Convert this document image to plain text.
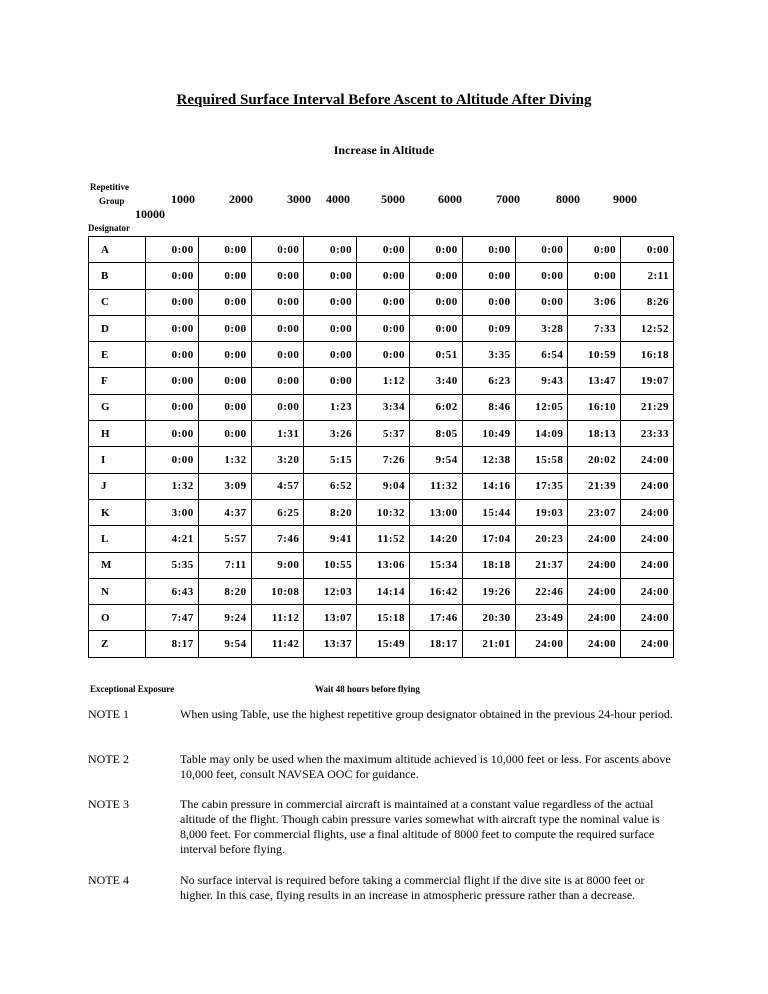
Required Surface Interval Before Ascent to Altitude After Diving
Increase in Altitude
Repetitive
Group
Designator
1000	2000	3000 4000	5000	6000	7000	8000	9000
10000
A	0:00	0:00	0:00	0:00	0:00	0:00	0:00	0:00	0:00	0:00
B	0:00	0:00	0:00	0:00	0:00	0:00	0:00	0:00	0:00	2:11
C	0:00	0:00	0:00	0:00	0:00	0:00	0:00	0:00	3:06	8:26
D	0:00	0:00	0:00	0:00	0:00	0:00	0:09	3:28	7:33	12:52
E	0:00	0:00	0:00	0:00	0:00	0:51	3:35	6:54	10:59	16:18
F	0:00	0:00	0:00	0:00	1:12	3:40	6:23	9:43	13:47	19:07
G	0:00	0:00	0:00	1:23	3:34	6:02	8:46	12:05	16:10	21:29
H	0:00	0:00	1:31	3:26	5:37	8:05	10:49	14:09	18:13	23:33
I	0:00	1:32	3:20	5:15	7:26	9:54	12:38	15:58	20:02	24:00
J	1:32	3:09	4:57	6:52	9:04	11:32	14:16	17:35	21:39	24:00
K	3:00	4:37	6:25	8:20	10:32	13:00	15:44	19:03	23:07	24:00
L	4:21	5:57	7:46	9:41	11:52	14:20	17:04	20:23	24:00	24:00
M	5:35	7:11	9:00	10:55	13:06	15:34	18:18	21:37	24:00	24:00
N	6:43	8:20	10:08	12:03	14:14	16:42	19:26	22:46	24:00	24:00
O	7:47	9:24	11:12	13:07	15:18	17:46	20:30	23:49	24:00	24:00
Z	8:17	9:54	11:42	13:37	15:49	18:17	21:01	24:00	24:00	24:00
Exceptional Exposure	Wait 48 hours before flying
NOTE 1	When using Table, use the highest repetitive group designator obtained in the previous 24-hour period.
NOTE 2	Table may only be used when the maximum altitude achieved is 10,000 feet or less. For ascents above 10,000 feet, consult NAVSEA OOC for guidance.
NOTE 3	The cabin pressure in commercial aircraft is maintained at a constant value regardless of the actual altitude of the flight. Though cabin pressure varies somewhat with aircraft type the nominal value is 8,000 feet. For commercial flights, use a final altitude of 8000 feet to compute the required surface interval before flying.
NOTE 4	No surface interval is required before taking a commercial flight if the dive site is at 8000 feet or higher. In this case, flying results in an increase in atmospheric pressure rather than a decrease.
